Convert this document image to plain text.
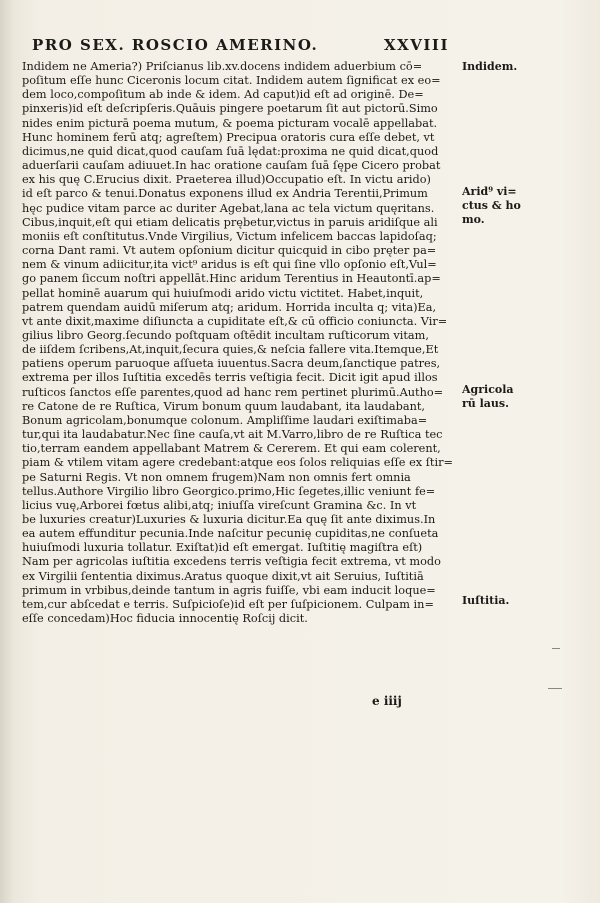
PRO SEX. ROSCIO AMERINO.	XXVIII
Indidem ne Ameria?) Priſcianus lib.xv.docens indidem aduerbium cō=
poſitum eſſe hunc Ciceronis locum citat. Indidem autem ſignificat ex eo=
dem loco,compoſitum ab inde & idem. Ad caput)id eſt ad originē. De=
pinxeris)id eſt deſcripſeris.Quāuis pingere poetarum ſit aut pictorū.Simo
nides enim picturā poema mutum, & poema picturam vocalē appellabat.
Hunc hominem ferū atq; agreſtem) Precipua oratoris cura eſſe debet, vt
dicimus,ne quid dicat,quod cauſam ſuā lędat:proxima ne quid dicat,quod
aduerſarii cauſam adiuuet.In hac oratione cauſam ſuā ſępe Cicero probat
ex his quę C.Erucius dixit. Praeterea illud)Occupatio eſt. In victu arido)
id eſt parco & tenui.Donatus exponens illud ex Andria Terentii,Primum
hęc pudice vitam parce ac duriter Agebat,lana ac tela victum quęritans.
Cibus,inquit,eſt qui etiam delicatis prębetur,victus in paruis aridiſque ali
moniis eſt conſtitutus.Vnde Virgilius, Victum infelicem baccas lapidoſaq;
corna Dant rami. Vt autem opſonium dicitur quicquid in cibo pręter pa=
nem & vinum adiicitur,ita vict⁹ aridus is eſt qui ſine vllo opſonio eſt,Vul=
go panem ſiccum noſtri appellāt.Hinc aridum Terentius in Heautontī.ap=
pellat hominē auarum qui huiuſmodi arido victu victitet. Habet,inquit,
patrem quendam auidū miſerum atq; aridum. Horrida inculta q; vita)Ea,
vt ante dixit,maxime diſiuncta a cupiditate eſt,& cū officio coniuncta. Vir=
gilius libro Georg.ſecundo poſtquam oſtēdit incultam ruſticorum vitam,
de iiſdem ſcribens,At,inquit,ſecura quies,& neſcia fallere vita.Itemque,Et
patiens operum paruoque aſſueta iuuentus.Sacra deum,ſanctique patres,
extrema per illos Iuſtitia excedēs terris veſtigia fecit. Dicit igit apud illos
ruſticos ſanctos eſſe parentes,quod ad hanc rem pertinet plurimū.Autho=
re Catone de re Ruſtica, Virum bonum quum laudabant, ita laudabant,
Bonum agricolam,bonumque colonum. Ampliſſime laudari exiſtimaba=
tur,qui ita laudabatur.Nec ſine cauſa,vt ait M.Varro,libro de re Ruſtica tec
tio,terram eandem appellabant Matrem & Cererem. Et qui eam colerent,
piam & vtilem vitam agere credebant:atque eos ſolos reliquias eſſe ex ſtir=
pe Saturni Regis. Vt non omnem frugem)Nam non omnis fert omnia
tellus.Authore Virgilio libro Georgico.primo,Hic ſegetes,illic veniunt fe=
licius vuę,Arborei fœtus alibi,atq; iniuſſa vireſcunt Gramina &c. In vt
be luxuries creatur)Luxuries & luxuria dicitur.Ea quę ſit ante diximus.In
ea autem effunditur pecunia.Inde naſcitur pecunię cupiditas,ne conſueta
huiuſmodi luxuria tollatur. Exiſtat)id eſt emergat. Iuſtitię magiſtra eſt)
Nam per agricolas iuſtitia excedens terris veſtigia fecit extrema, vt modo
ex Virgilii ſententia diximus.Aratus quoque dixit,vt ait Seruius, Iuſtitiā
primum in vrbibus,deinde tantum in agris fuiſſe, vbi eam inducit loque=
tem,cur abſcedat e terris. Suſpicioſe)id eſt per ſuſpicionem. Culpam in=
eſſe concedam)Hoc fiducia innocentię Roſcij dicit.
Indidem.
Arid⁹ vi=
ctus & ho
mo.
Agricola
rū laus.
Iuſtitia.
e iiij
